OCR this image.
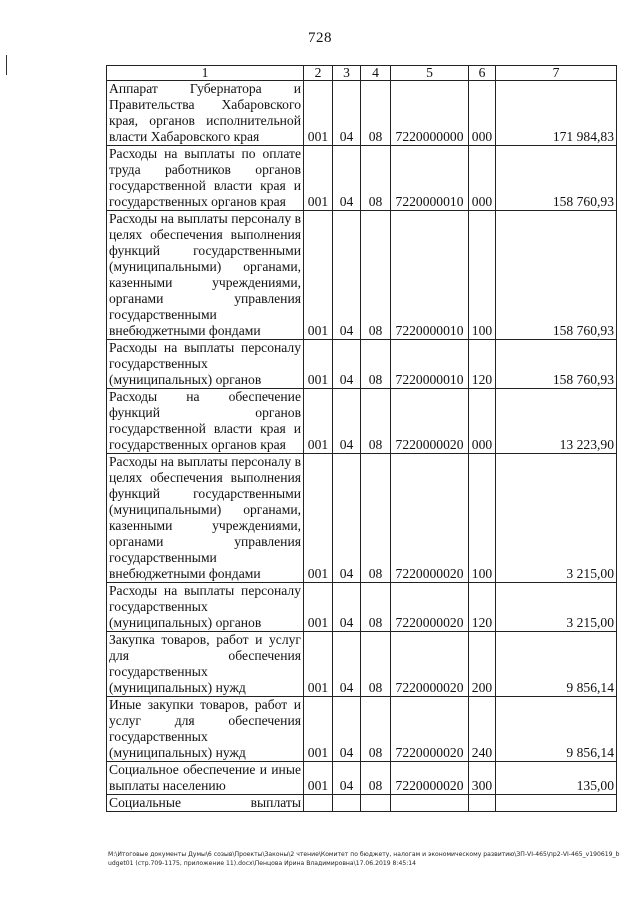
728
1	2	3	4	5	6	7
Аппарат Губернатора и Правительства Хабаровского края, органов исполнительной власти Хабаровского края	001	04	08	7220000000	000	171 984,83
Расходы на выплаты по оплате труда работников органов государственной власти края и государственных органов края	001	04	08	7220000010	000	158 760,93
Расходы на выплаты персоналу в целях обеспечения выполнения функций государственными (муниципальными) органами, казенными учреждениями, органами управления государственными внебюджетными фондами	001	04	08	7220000010	100	158 760,93
Расходы на выплаты персоналу государственных (муниципальных) органов	001	04	08	7220000010	120	158 760,93
Расходы на обеспечение функций органов государственной власти края и государственных органов края	001	04	08	7220000020	000	13 223,90
Расходы на выплаты персоналу в целях обеспечения выполнения функций государственными (муниципальными) органами, казенными учреждениями, органами управления государственными внебюджетными фондами	001	04	08	7220000020	100	3 215,00
Расходы на выплаты персоналу государственных (муниципальных) органов	001	04	08	7220000020	120	3 215,00
Закупка товаров, работ и услуг для обеспечения государственных (муниципальных) нужд	001	04	08	7220000020	200	9 856,14
Иные закупки товаров, работ и услуг для обеспечения государственных (муниципальных) нужд	001	04	08	7220000020	240	9 856,14
Социальное обеспечение и иные выплаты населению	001	04	08	7220000020	300	135,00
Социальные выплаты						
M:\Итоговые документы Думы\6 созыв\Проекты\Законы\2 чтение\Комитет по бюджету, налогам и экономическому развитию\ЗП-VI-465\пр2-VI-465_v190619_budget01 (стр.709-1175, приложение 11).docx\Пенцова Ирина Владимировна\17.06.2019 8:45:14
